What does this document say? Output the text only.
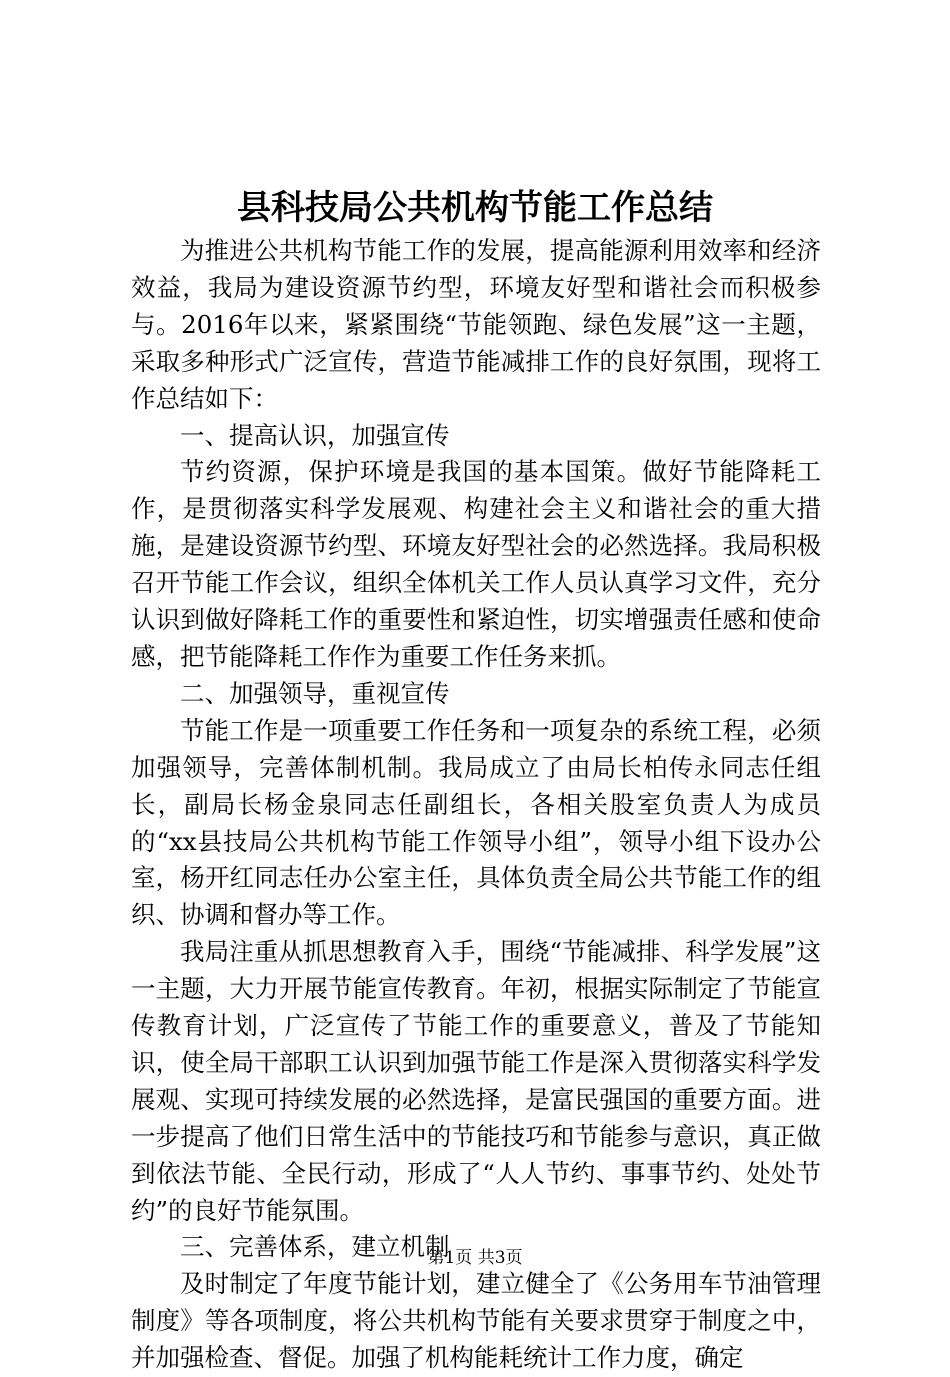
县科技局公共机构节能工作总结

为推进公共机构节能工作的发展，提高能源利用效率和经济效益，我局为建设资源节约型，环境友好型和谐社会而积极参与。2016年以来，紧紧围绕“节能领跑、绿色发展”这一主题，采取多种形式广泛宣传，营造节能减排工作的良好氛围，现将工作总结如下：

一、提高认识，加强宣传

节约资源，保护环境是我国的基本国策。做好节能降耗工作，是贯彻落实科学发展观、构建社会主义和谐社会的重大措施，是建设资源节约型、环境友好型社会的必然选择。我局积极召开节能工作会议，组织全体机关工作人员认真学习文件，充分认识到做好降耗工作的重要性和紧迫性，切实增强责任感和使命感，把节能降耗工作作为重要工作任务来抓。

二、加强领导，重视宣传

节能工作是一项重要工作任务和一项复杂的系统工程，必须加强领导，完善体制机制。我局成立了由局长柏传永同志任组长，副局长杨金泉同志任副组长，各相关股室负责人为成员的“xx县技局公共机构节能工作领导小组”，领导小组下设办公室，杨开红同志任办公室主任，具体负责全局公共节能工作的组织、协调和督办等工作。

我局注重从抓思想教育入手，围绕“节能减排、科学发展”这一主题，大力开展节能宣传教育。年初，根据实际制定了节能宣传教育计划，广泛宣传了节能工作的重要意义，普及了节能知识，使全局干部职工认识到加强节能工作是深入贯彻落实科学发展观、实现可持续发展的必然选择，是富民强国的重要方面。进一步提高了他们日常生活中的节能技巧和节能参与意识，真正做到依法节能、全民行动，形成了“人人节约、事事节约、处处节约”的良好节能氛围。

三、完善体系，建立机制

及时制定了年度节能计划，建立健全了《公务用车节油管理制度》等各项制度，将公共机构节能有关要求贯穿于制度之中，并加强检查、督促。加强了机构能耗统计工作力度，确定

第1页 共3页
